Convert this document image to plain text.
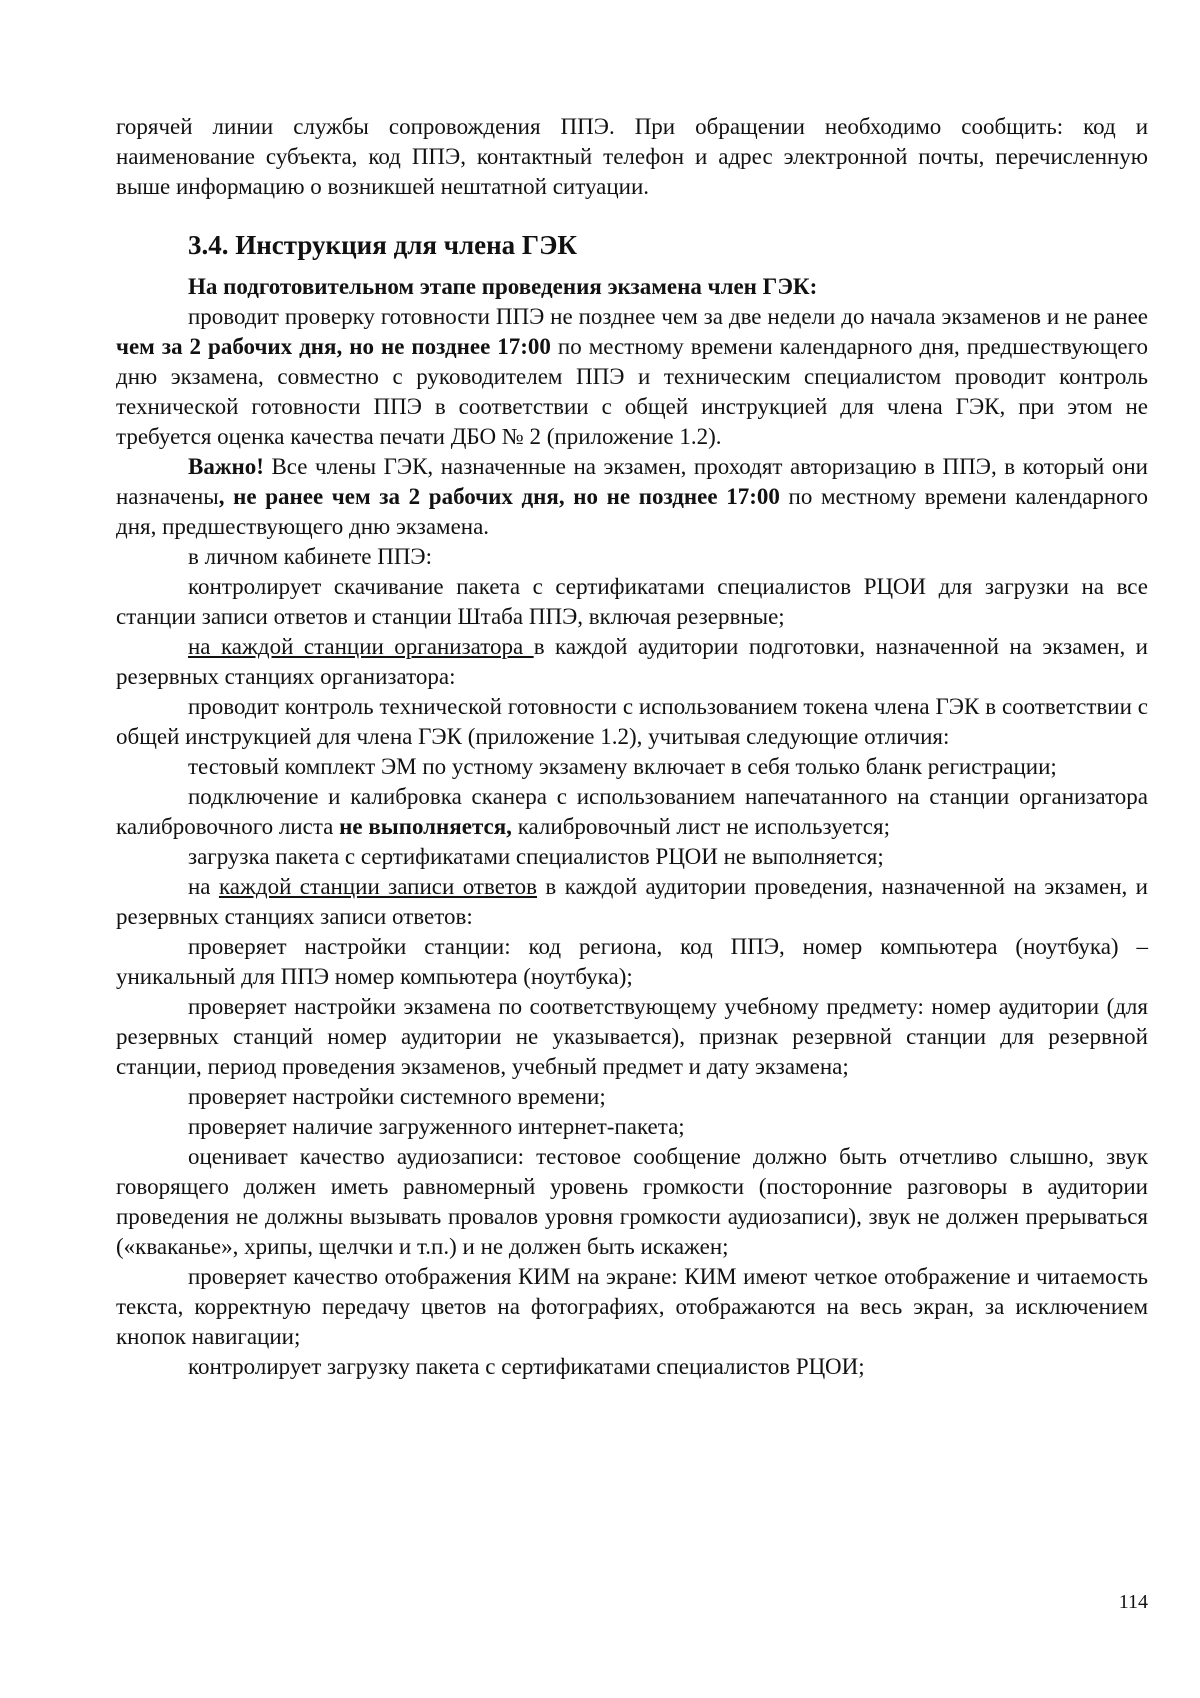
горячей линии службы сопровождения ППЭ. При обращении необходимо сообщить: код и наименование субъекта, код ППЭ, контактный телефон и адрес электронной почты, перечисленную выше информацию о возникшей нештатной ситуации.

3.4. Инструкция для члена ГЭК

На подготовительном этапе проведения экзамена член ГЭК:

проводит проверку готовности ППЭ не позднее чем за две недели до начала экзаменов и не ранее чем за 2 рабочих дня, но не позднее 17:00 по местному времени календарного дня, предшествующего дню экзамена, совместно с руководителем ППЭ и техническим специалистом проводит контроль технической готовности ППЭ в соответствии с общей инструкцией для члена ГЭК, при этом не требуется оценка качества печати ДБО № 2 (приложение 1.2).

Важно! Все члены ГЭК, назначенные на экзамен, проходят авторизацию в ППЭ, в который они назначены, не ранее чем за 2 рабочих дня, но не позднее 17:00 по местному времени календарного дня, предшествующего дню экзамена.

в личном кабинете ППЭ:

контролирует скачивание пакета с сертификатами специалистов РЦОИ для загрузки на все станции записи ответов и станции Штаба ППЭ, включая резервные;

на каждой станции организатора в каждой аудитории подготовки, назначенной на экзамен, и резервных станциях организатора:

проводит контроль технической готовности с использованием токена члена ГЭК в соответствии с общей инструкцией для члена ГЭК (приложение 1.2), учитывая следующие отличия:

тестовый комплект ЭМ по устному экзамену включает в себя только бланк регистрации;

подключение и калибровка сканера с использованием напечатанного на станции организатора калибровочного листа не выполняется, калибровочный лист не используется;

загрузка пакета с сертификатами специалистов РЦОИ не выполняется;

на каждой станции записи ответов в каждой аудитории проведения, назначенной на экзамен, и резервных станциях записи ответов:

проверяет настройки станции: код региона, код ППЭ, номер компьютера (ноутбука) – уникальный для ППЭ номер компьютера (ноутбука);

проверяет настройки экзамена по соответствующему учебному предмету: номер аудитории (для резервных станций номер аудитории не указывается), признак резервной станции для резервной станции, период проведения экзаменов, учебный предмет и дату экзамена;

проверяет настройки системного времени;

проверяет наличие загруженного интернет-пакета;

оценивает качество аудиозаписи: тестовое сообщение должно быть отчетливо слышно, звук говорящего должен иметь равномерный уровень громкости (посторонние разговоры в аудитории проведения не должны вызывать провалов уровня громкости аудиозаписи), звук не должен прерываться («кваканье», хрипы, щелчки и т.п.) и не должен быть искажен;

проверяет качество отображения КИМ на экране: КИМ имеют четкое отображение и читаемость текста, корректную передачу цветов на фотографиях, отображаются на весь экран, за исключением кнопок навигации;

контролирует загрузку пакета с сертификатами специалистов РЦОИ;

114
